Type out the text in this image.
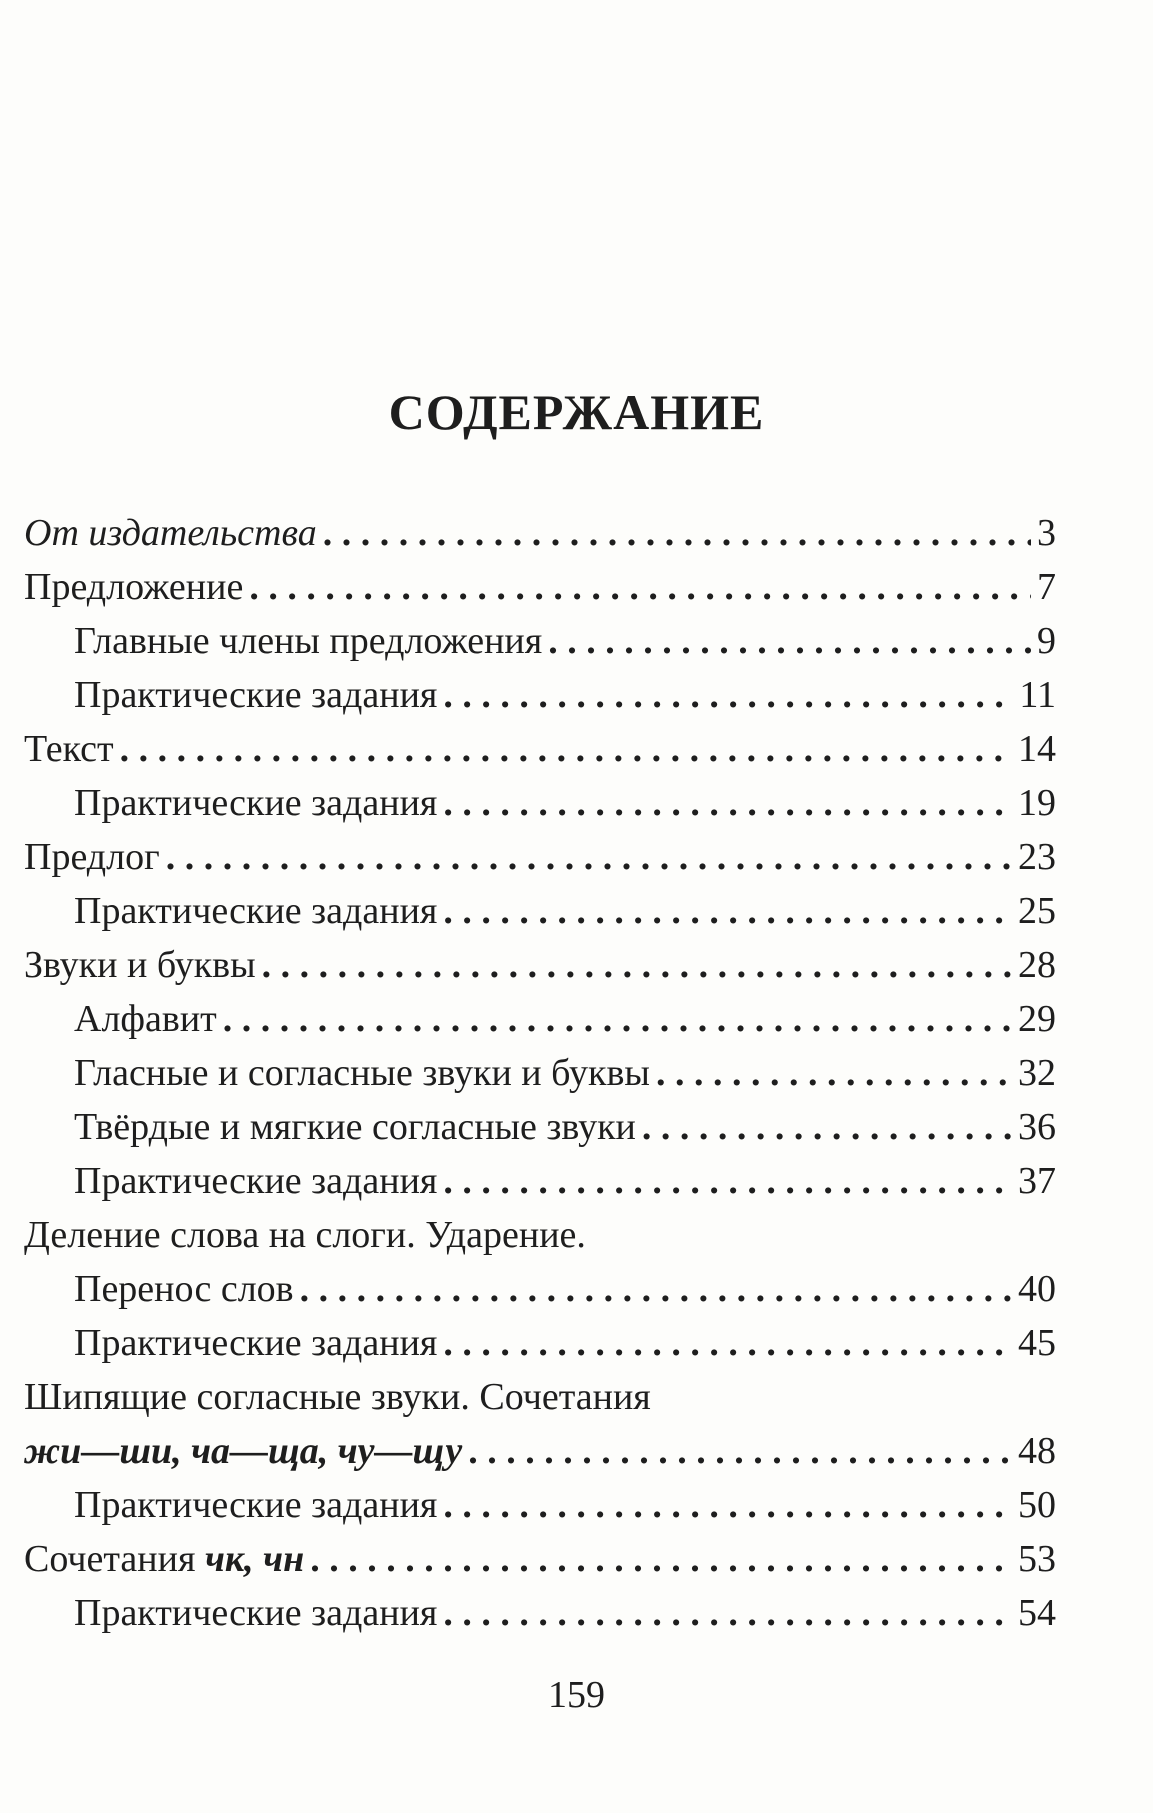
СОДЕРЖАНИЕ
От издательства . . .	3
Предложение . . .	7
Главные члены предложения . . .	9
Практические задания . . .	11
Текст . . .	14
Практические задания . . .	19
Предлог . . .	23
Практические задания . . .	25
Звуки и буквы . . .	28
Алфавит . . .	29
Гласные и согласные звуки и буквы . . .	32
Твёрдые и мягкие согласные звуки . . .	36
Практические задания . . .	37
Деление слова на слоги. Ударение.
Перенос слов . . .	40
Практические задания . . .	45
Шипящие согласные звуки. Сочетания
жи—ши, ча—ща, чу—щу . . .	48
Практические задания . . .	50
Сочетания чк, чн . . .	53
Практические задания . . .	54
159
